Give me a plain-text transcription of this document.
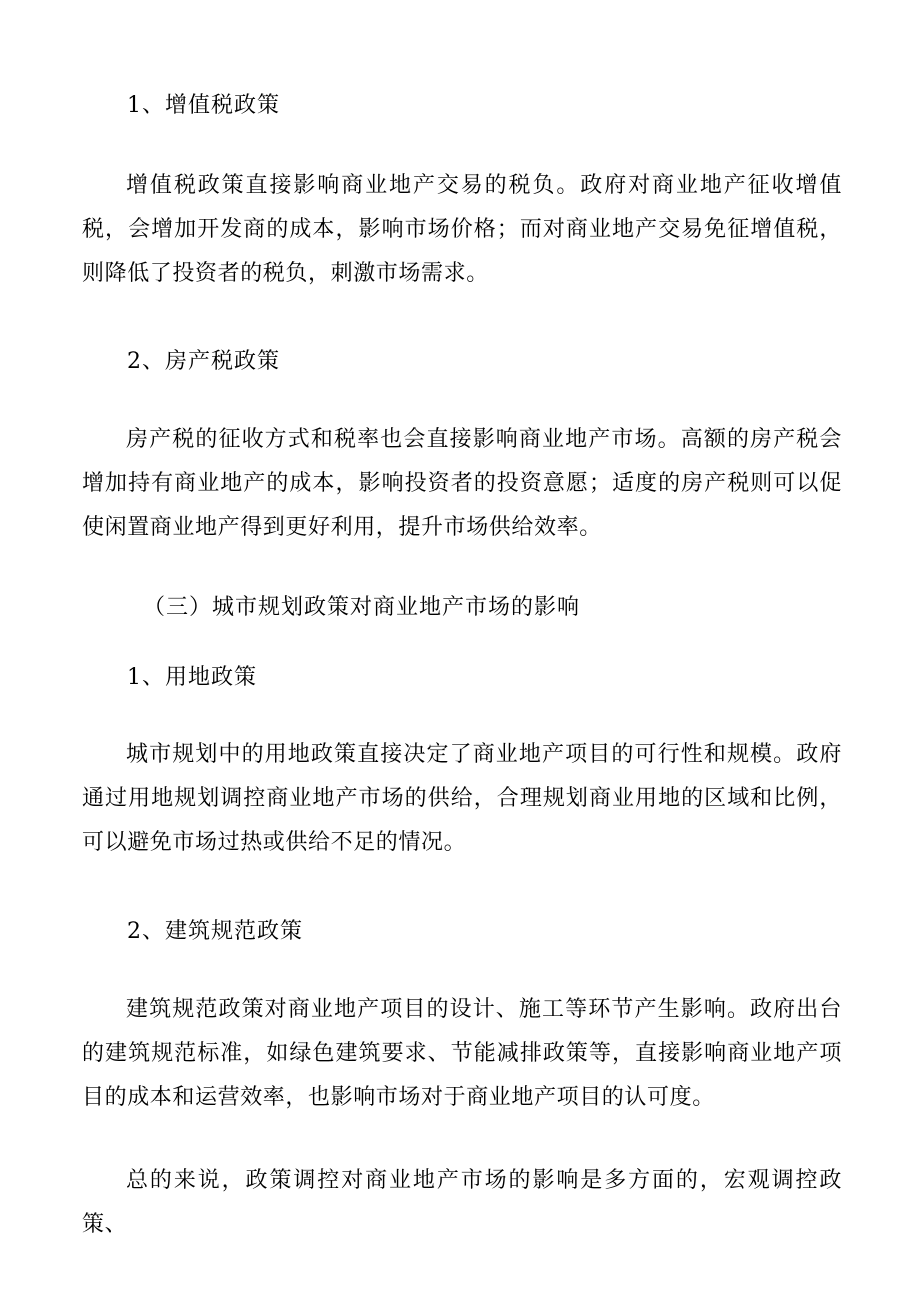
1、增值税政策
增值税政策直接影响商业地产交易的税负。政府对商业地产征收增值税，会增加开发商的成本，影响市场价格；而对商业地产交易免征增值税，则降低了投资者的税负，刺激市场需求。
2、房产税政策
房产税的征收方式和税率也会直接影响商业地产市场。高额的房产税会增加持有商业地产的成本，影响投资者的投资意愿；适度的房产税则可以促使闲置商业地产得到更好利用，提升市场供给效率。
（三）城市规划政策对商业地产市场的影响
1、用地政策
城市规划中的用地政策直接决定了商业地产项目的可行性和规模。政府通过用地规划调控商业地产市场的供给，合理规划商业用地的区域和比例，可以避免市场过热或供给不足的情况。
2、建筑规范政策
建筑规范政策对商业地产项目的设计、施工等环节产生影响。政府出台的建筑规范标准，如绿色建筑要求、节能减排政策等，直接影响商业地产项目的成本和运营效率，也影响市场对于商业地产项目的认可度。
总的来说，政策调控对商业地产市场的影响是多方面的，宏观调控政策、
